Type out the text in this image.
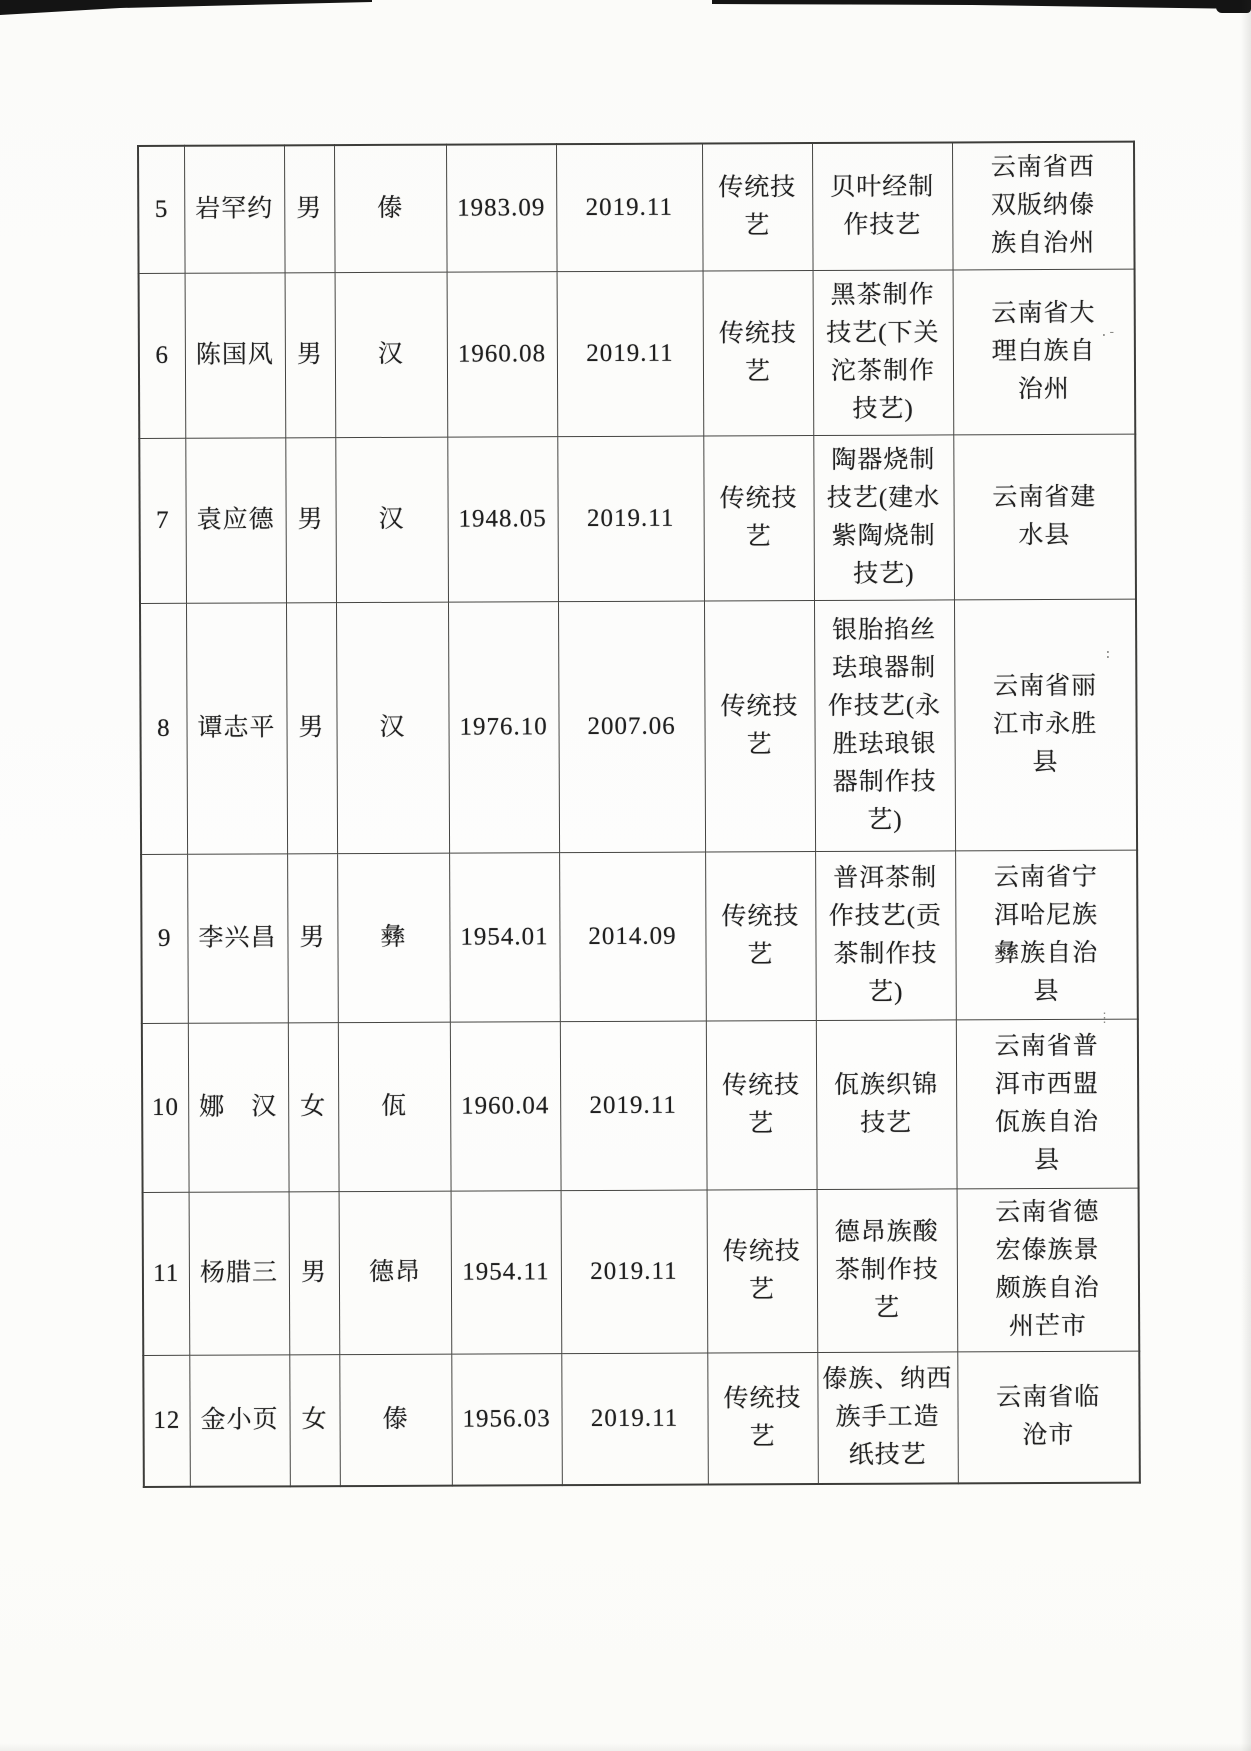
.-
:
⋮
5	岩罕约	男	傣	1983.09	2019.11	传统技
艺	贝叶经制
作技艺	云南省西
双版纳傣
族自治州
6	陈国风	男	汉	1960.08	2019.11	传统技
艺	黑茶制作
技艺(下关
沱茶制作
技艺)	云南省大
理白族自
治州
7	袁应德	男	汉	1948.05	2019.11	传统技
艺	陶器烧制
技艺(建水
紫陶烧制
技艺)	云南省建
水县
8	谭志平	男	汉	1976.10	2007.06	传统技
艺	银胎掐丝
珐琅器制
作技艺(永
胜珐琅银
器制作技
艺)	云南省丽
江市永胜
县
9	李兴昌	男	彝	1954.01	2014.09	传统技
艺	普洱茶制
作技艺(贡
茶制作技
艺)	云南省宁
洱哈尼族
彝族自治
县
10	娜　汉	女	佤	1960.04	2019.11	传统技
艺	佤族织锦
技艺	云南省普
洱市西盟
佤族自治
县
11	杨腊三	男	德昂	1954.11	2019.11	传统技
艺	德昂族酸
茶制作技
艺	云南省德
宏傣族景
颇族自治
州芒市
12	金小页	女	傣	1956.03	2019.11	传统技
艺	傣族、纳西
族手工造
纸技艺	云南省临
沧市
